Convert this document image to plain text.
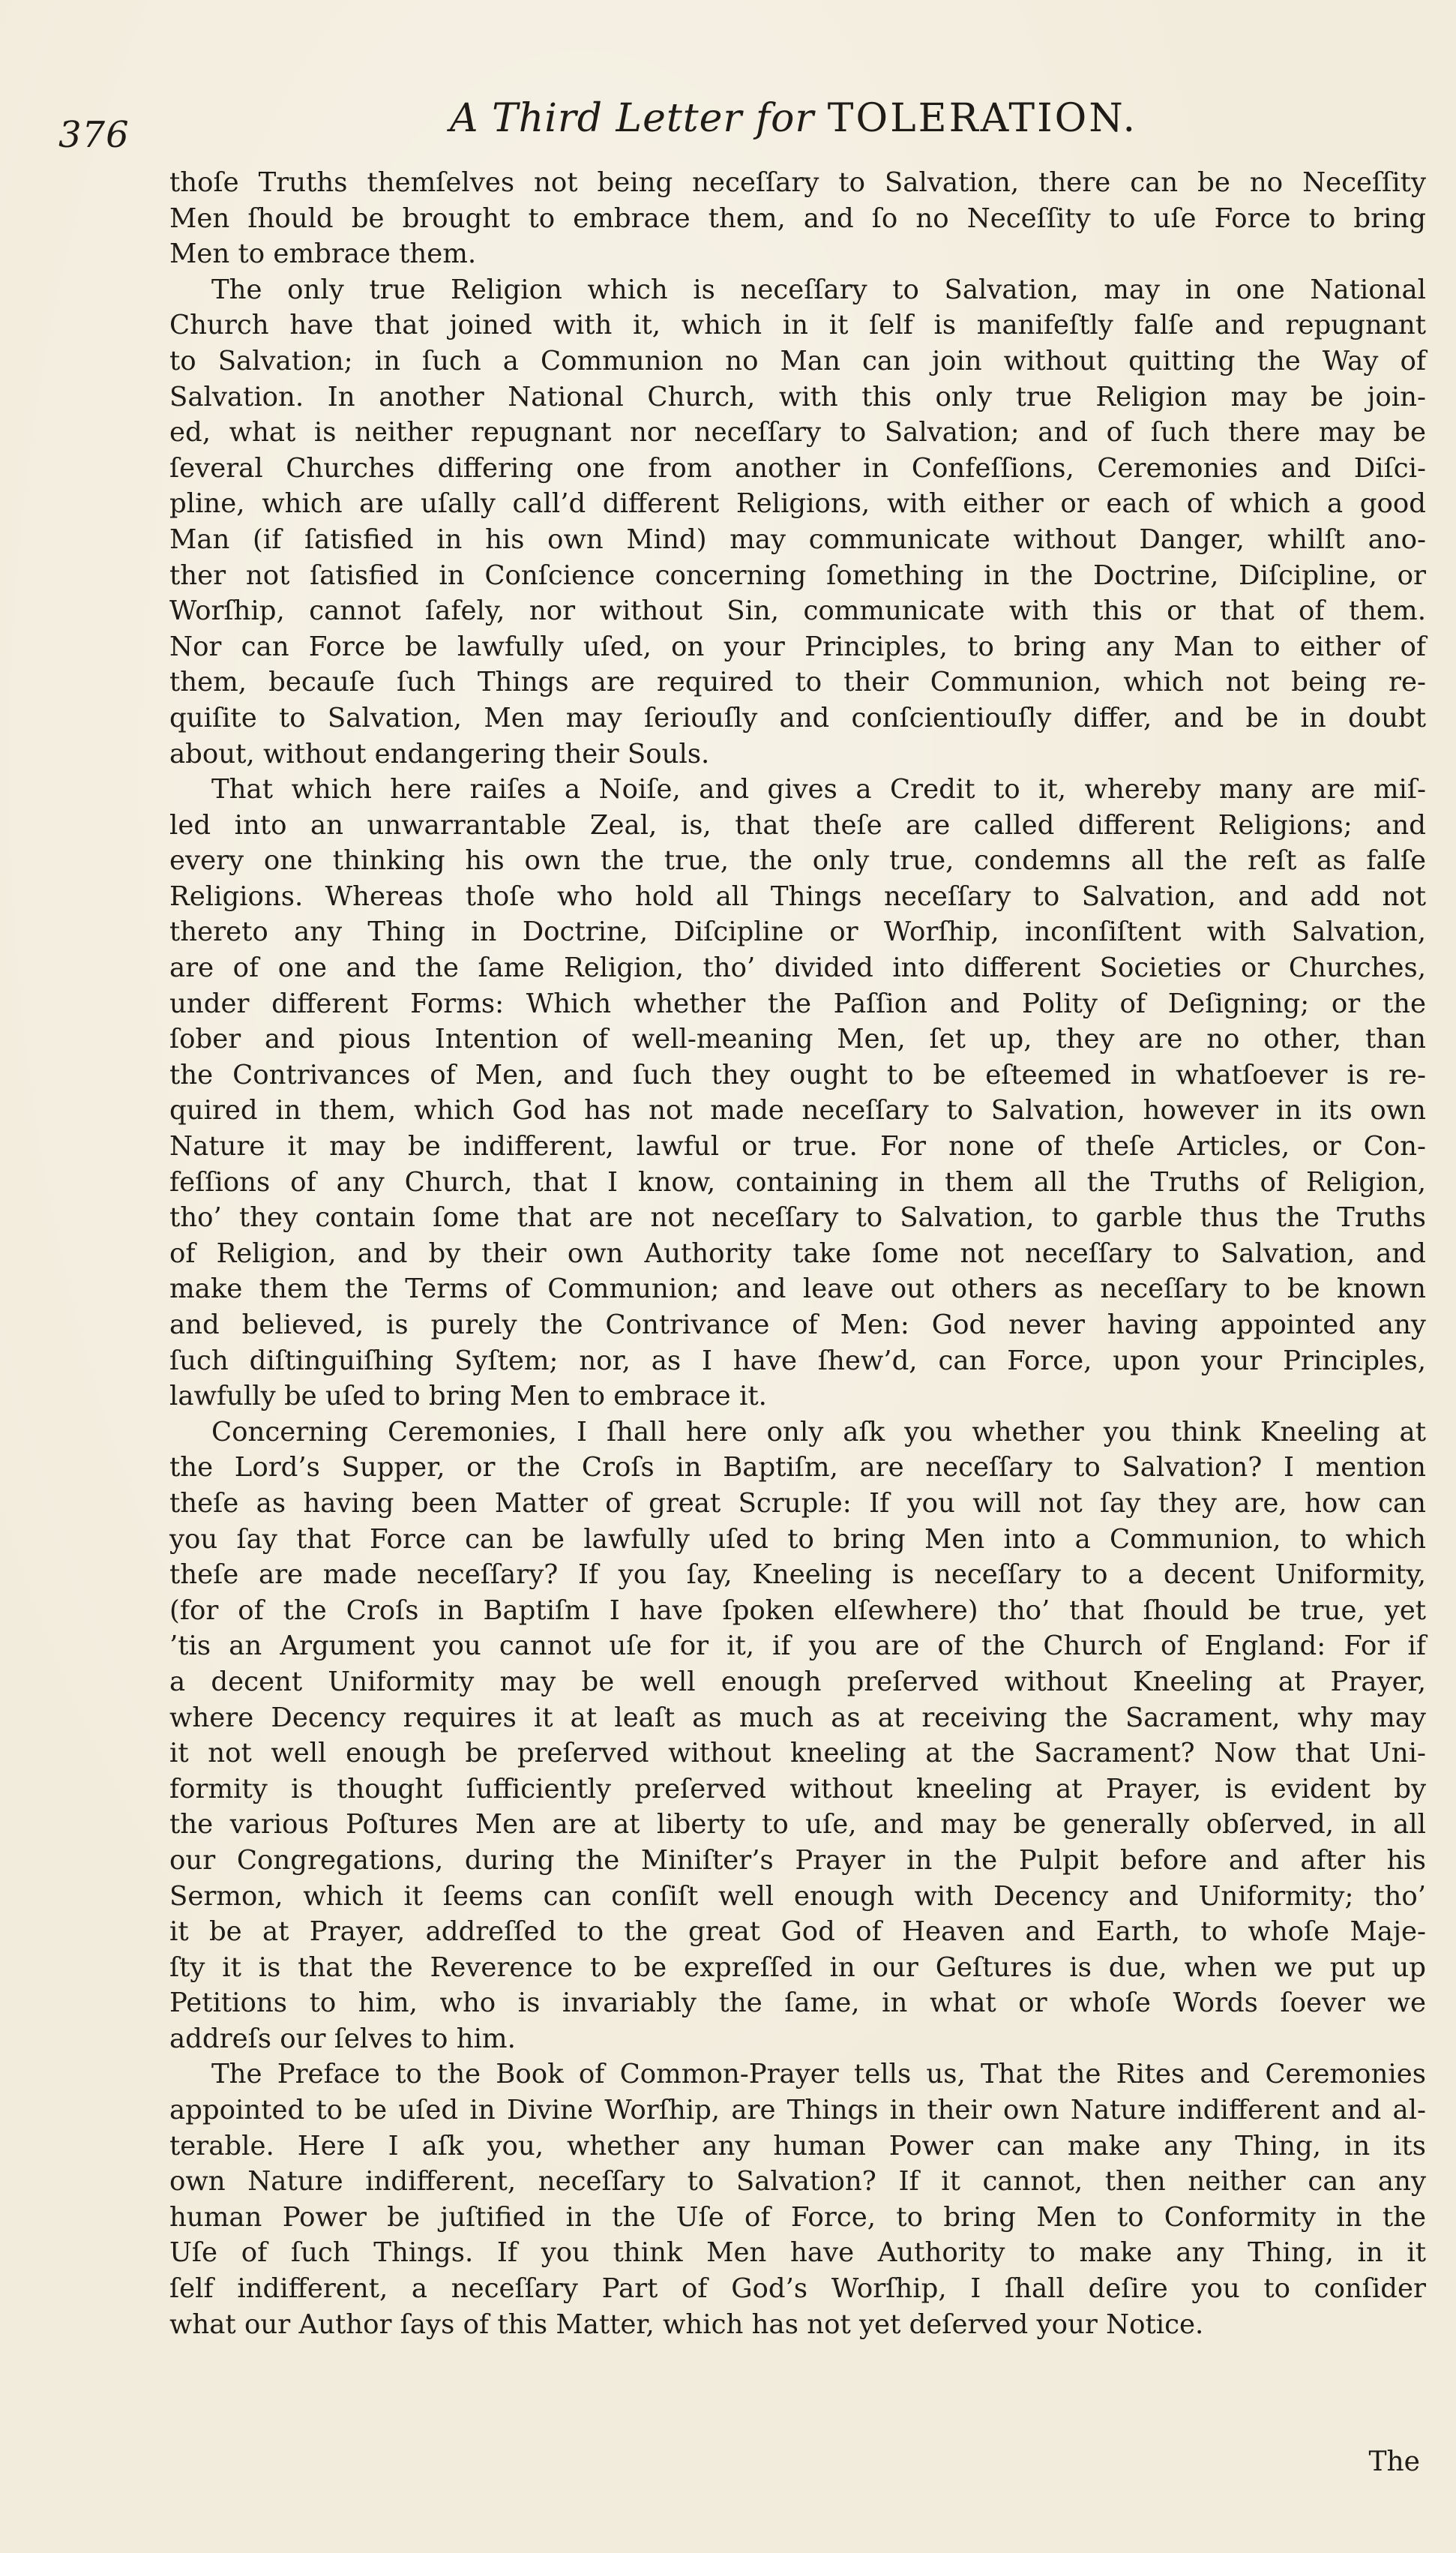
376	A Third Letter for TOLERATION.
thoſe Truths themſelves not being neceſſary to Salvation, there can be no Neceſſity
Men ſhould be brought to embrace them, and ſo no Neceſſity to uſe Force to bring
Men to embrace them.
The only true Religion which is neceſſary to Salvation, may in one National
Church have that joined with it, which in it ſelf is manifeſtly falſe and repugnant
to Salvation; in ſuch a Communion no Man can join without quitting the Way of
Salvation. In another National Church, with this only true Religion may be join-
ed, what is neither repugnant nor neceſſary to Salvation; and of ſuch there may be
ſeveral Churches differing one from another in Confeſſions, Ceremonies and Diſci-
pline, which are uſally call’d different Religions, with either or each of which a good
Man (if ſatisfied in his own Mind) may communicate without Danger, whilſt ano-
ther not ſatisfied in Conſcience concerning ſomething in the Doctrine, Diſcipline, or
Worſhip, cannot ſafely, nor without Sin, communicate with this or that of them.
Nor can Force be lawfully uſed, on your Principles, to bring any Man to either of
them, becauſe ſuch Things are required to their Communion, which not being re-
quiſite to Salvation, Men may ſeriouſly and conſcientiouſly differ, and be in doubt
about, without endangering their Souls.
That which here raiſes a Noiſe, and gives a Credit to it, whereby many are miſ-
led into an unwarrantable Zeal, is, that theſe are called different Religions; and
every one thinking his own the true, the only true, condemns all the reſt as falſe
Religions. Whereas thoſe who hold all Things neceſſary to Salvation, and add not
thereto any Thing in Doctrine, Diſcipline or Worſhip, inconſiſtent with Salvation,
are of one and the ſame Religion, tho’ divided into different Societies or Churches,
under different Forms: Which whether the Paſſion and Polity of Deſigning; or the
ſober and pious Intention of well-meaning Men, ſet up, they are no other, than
the Contrivances of Men, and ſuch they ought to be eſteemed in whatſoever is re-
quired in them, which God has not made neceſſary to Salvation, however in its own
Nature it may be indifferent, lawful or true. For none of theſe Articles, or Con-
feſſions of any Church, that I know, containing in them all the Truths of Religion,
tho’ they contain ſome that are not neceſſary to Salvation, to garble thus the Truths
of Religion, and by their own Authority take ſome not neceſſary to Salvation, and
make them the Terms of Communion; and leave out others as neceſſary to be known
and believed, is purely the Contrivance of Men: God never having appointed any
ſuch diſtinguiſhing Syſtem; nor, as I have ſhew’d, can Force, upon your Principles,
lawfully be uſed to bring Men to embrace it.
Concerning Ceremonies, I ſhall here only aſk you whether you think Kneeling at
the Lord’s Supper, or the Croſs in Baptiſm, are neceſſary to Salvation? I mention
theſe as having been Matter of great Scruple: If you will not ſay they are, how can
you ſay that Force can be lawfully uſed to bring Men into a Communion, to which
theſe are made neceſſary? If you ſay, Kneeling is neceſſary to a decent Uniformity,
(for of the Croſs in Baptiſm I have ſpoken elſewhere) tho’ that ſhould be true, yet
’tis an Argument you cannot uſe for it, if you are of the Church of England: For if
a decent Uniformity may be well enough preſerved without Kneeling at Prayer,
where Decency requires it at leaſt as much as at receiving the Sacrament, why may
it not well enough be preſerved without kneeling at the Sacrament? Now that Uni-
formity is thought ſufficiently preſerved without kneeling at Prayer, is evident by
the various Poſtures Men are at liberty to uſe, and may be generally obſerved, in all
our Congregations, during the Miniſter’s Prayer in the Pulpit before and after his
Sermon, which it ſeems can conſiſt well enough with Decency and Uniformity; tho’
it be at Prayer, addreſſed to the great God of Heaven and Earth, to whoſe Maje-
ſty it is that the Reverence to be expreſſed in our Geſtures is due, when we put up
Petitions to him, who is invariably the ſame, in what or whoſe Words ſoever we
addreſs our ſelves to him.
The Preface to the Book of Common-Prayer tells us, That the Rites and Ceremonies
appointed to be uſed in Divine Worſhip, are Things in their own Nature indifferent and al-
terable. Here I aſk you, whether any human Power can make any Thing, in its
own Nature indifferent, neceſſary to Salvation? If it cannot, then neither can any
human Power be juſtified in the Uſe of Force, to bring Men to Conformity in the
Uſe of ſuch Things. If you think Men have Authority to make any Thing, in it
ſelf indifferent, a neceſſary Part of God’s Worſhip, I ſhall deſire you to conſider
what our Author ſays of this Matter, which has not yet deſerved your Notice.
The
